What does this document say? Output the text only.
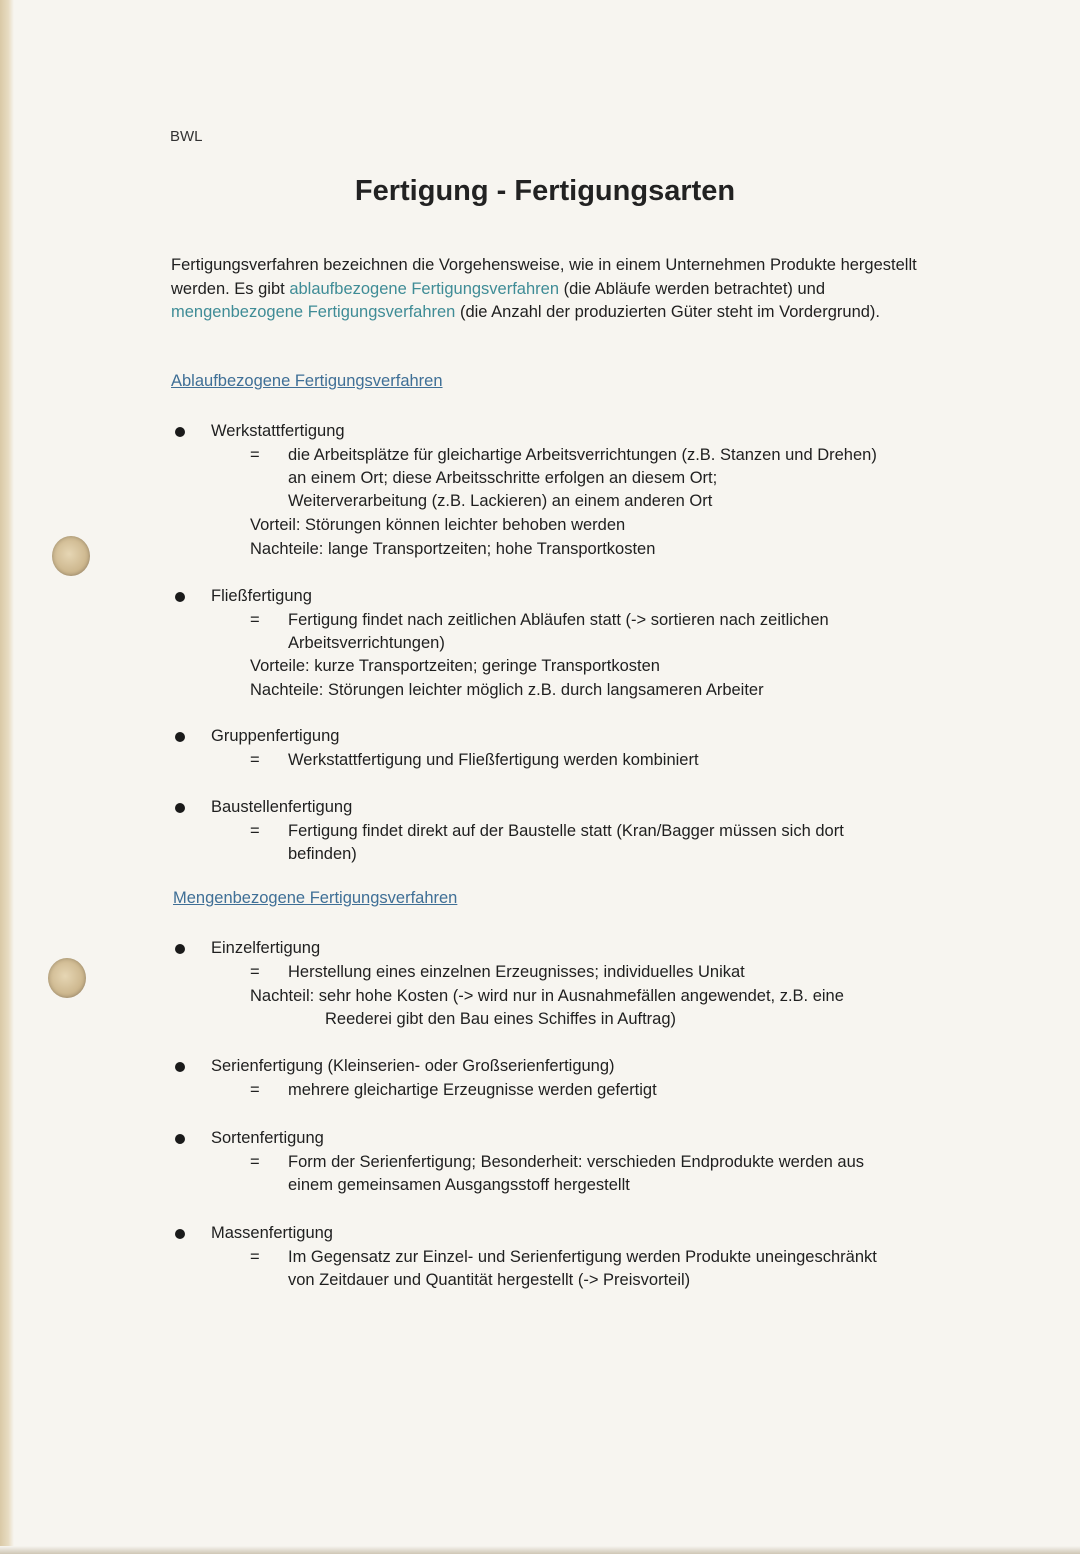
BWL
Fertigung - Fertigungsarten
Fertigungsverfahren bezeichnen die Vorgehensweise, wie in einem Unternehmen Produkte hergestellt werden. Es gibt ablaufbezogene Fertigungsverfahren (die Abläufe werden betrachtet) und mengenbezogene Fertigungsverfahren (die Anzahl der produzierten Güter steht im Vordergrund).
Ablaufbezogene Fertigungsverfahren
Werkstattfertigung
= die Arbeitsplätze für gleichartige Arbeitsverrichtungen (z.B. Stanzen und Drehen)
an einem Ort; diese Arbeitsschritte erfolgen an diesem Ort;
Weiterverarbeitung (z.B. Lackieren) an einem anderen Ort
Vorteil: Störungen können leichter behoben werden
Nachteile: lange Transportzeiten; hohe Transportkosten
Fließfertigung
= Fertigung findet nach zeitlichen Abläufen statt (-> sortieren nach zeitlichen
Arbeitsverrichtungen)
Vorteile: kurze Transportzeiten; geringe Transportkosten
Nachteile: Störungen leichter möglich z.B. durch langsameren Arbeiter
Gruppenfertigung
= Werkstattfertigung und Fließfertigung werden kombiniert
Baustellenfertigung
= Fertigung findet direkt auf der Baustelle statt (Kran/Bagger müssen sich dort
befinden)
Mengenbezogene Fertigungsverfahren
Einzelfertigung
= Herstellung eines einzelnen Erzeugnisses; individuelles Unikat
Nachteil: sehr hohe Kosten (-> wird nur in Ausnahmefällen angewendet, z.B. eine
Reederei gibt den Bau eines Schiffes in Auftrag)
Serienfertigung (Kleinserien- oder Großserienfertigung)
= mehrere gleichartige Erzeugnisse werden gefertigt
Sortenfertigung
= Form der Serienfertigung; Besonderheit: verschieden Endprodukte werden aus
einem gemeinsamen Ausgangsstoff hergestellt
Massenfertigung
= Im Gegensatz zur Einzel- und Serienfertigung werden Produkte uneingeschränkt
von Zeitdauer und Quantität hergestellt (-> Preisvorteil)
